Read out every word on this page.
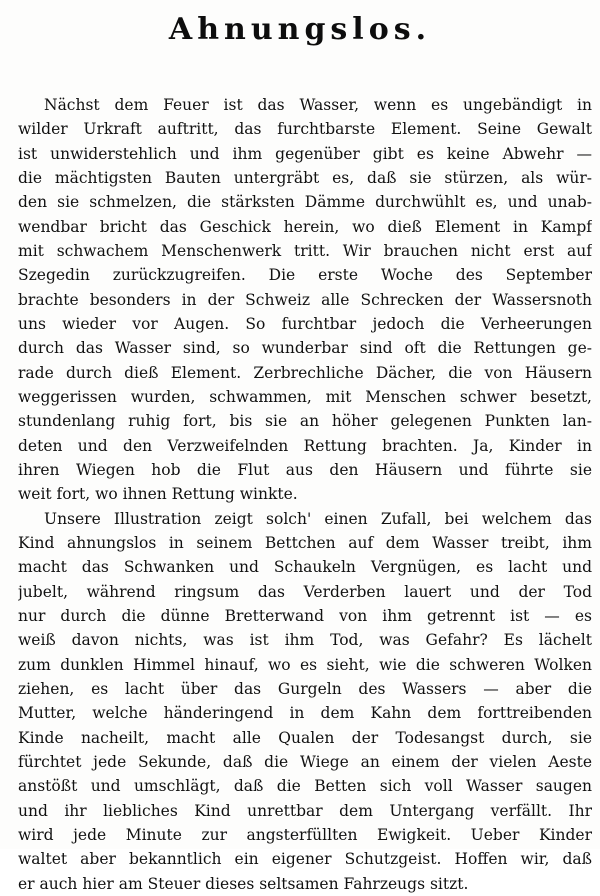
Ahnungslos.
Nächst dem Feuer ist das Wasser, wenn es ungebändigt in
wilder Urkraft auftritt, das furchtbarste Element. Seine Gewalt
ist unwiderstehlich und ihm gegenüber gibt es keine Abwehr —
die mächtigsten Bauten untergräbt es, daß sie stürzen, als wür-
den sie schmelzen, die stärksten Dämme durchwühlt es, und unab-
wendbar bricht das Geschick herein, wo dieß Element in Kampf
mit schwachem Menschenwerk tritt. Wir brauchen nicht erst auf
Szegedin zurückzugreifen. Die erste Woche des September
brachte besonders in der Schweiz alle Schrecken der Wassersnoth
uns wieder vor Augen. So furchtbar jedoch die Verheerungen
durch das Wasser sind, so wunderbar sind oft die Rettungen ge-
rade durch dieß Element. Zerbrechliche Dächer, die von Häusern
weggerissen wurden, schwammen, mit Menschen schwer besetzt,
stundenlang ruhig fort, bis sie an höher gelegenen Punkten lan-
deten und den Verzweifelnden Rettung brachten. Ja, Kinder in
ihren Wiegen hob die Flut aus den Häusern und führte sie
weit fort, wo ihnen Rettung winkte.
Unsere Illustration zeigt solch' einen Zufall, bei welchem das
Kind ahnungslos in seinem Bettchen auf dem Wasser treibt, ihm
macht das Schwanken und Schaukeln Vergnügen, es lacht und
jubelt, während ringsum das Verderben lauert und der Tod
nur durch die dünne Bretterwand von ihm getrennt ist — es
weiß davon nichts, was ist ihm Tod, was Gefahr? Es lächelt
zum dunklen Himmel hinauf, wo es sieht, wie die schweren Wolken
ziehen, es lacht über das Gurgeln des Wassers — aber die
Mutter, welche händeringend in dem Kahn dem forttreibenden
Kinde nacheilt, macht alle Qualen der Todesangst durch, sie
fürchtet jede Sekunde, daß die Wiege an einem der vielen Aeste
anstößt und umschlägt, daß die Betten sich voll Wasser saugen
und ihr liebliches Kind unrettbar dem Untergang verfällt. Ihr
wird jede Minute zur angsterfüllten Ewigkeit. Ueber Kinder
waltet aber bekanntlich ein eigener Schutzgeist. Hoffen wir, daß
er auch hier am Steuer dieses seltsamen Fahrzeugs sitzt.
